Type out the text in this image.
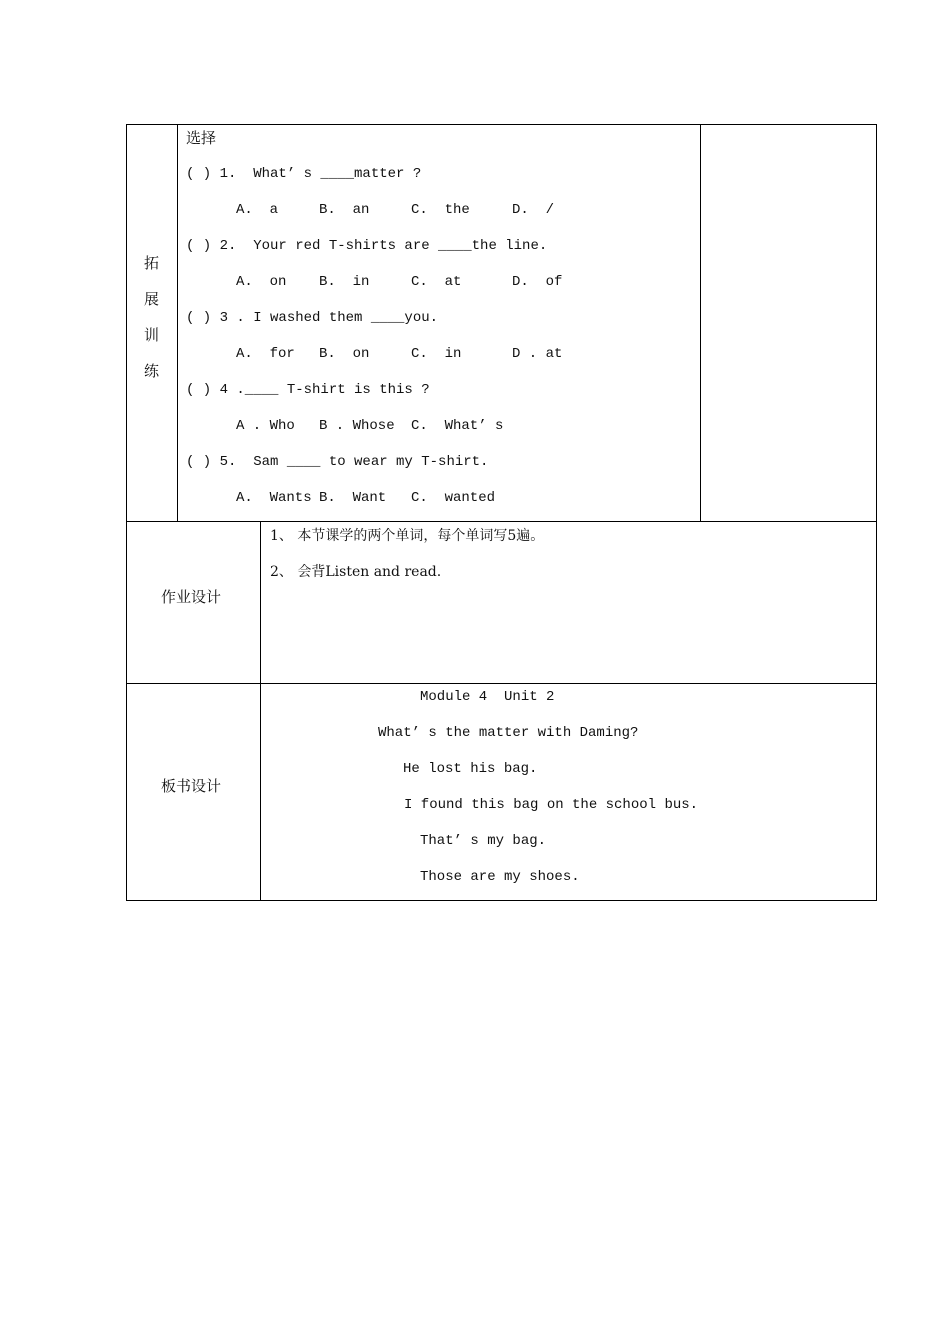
拓
展
训
练
选择
( ) 1.  What’ s ____matter ?
A.  a	B.  an	C.  the	D.  /
( ) 2.  Your red T-shirts are ____the line.
A.  on B.  in	C.  at	D.  of
( ) 3 . I washed them ____you.
A.  for B.  on	C.  in	D . at
( ) 4 .____ T-shirt is this ?
A . Who B . Whose C.  What’ s
( ) 5.  Sam ____ to wear my T-shirt.
A.  Wants B.  Want C.  wanted
作业设计
1、 本节课学的两个单词，每个单词写5遍。
2、 会背Listen and read.
板书设计
Module 4  Unit 2
What’ s the matter with Daming?
He lost his bag.
I found this bag on the school bus.
That’ s my bag.
Those are my shoes.
